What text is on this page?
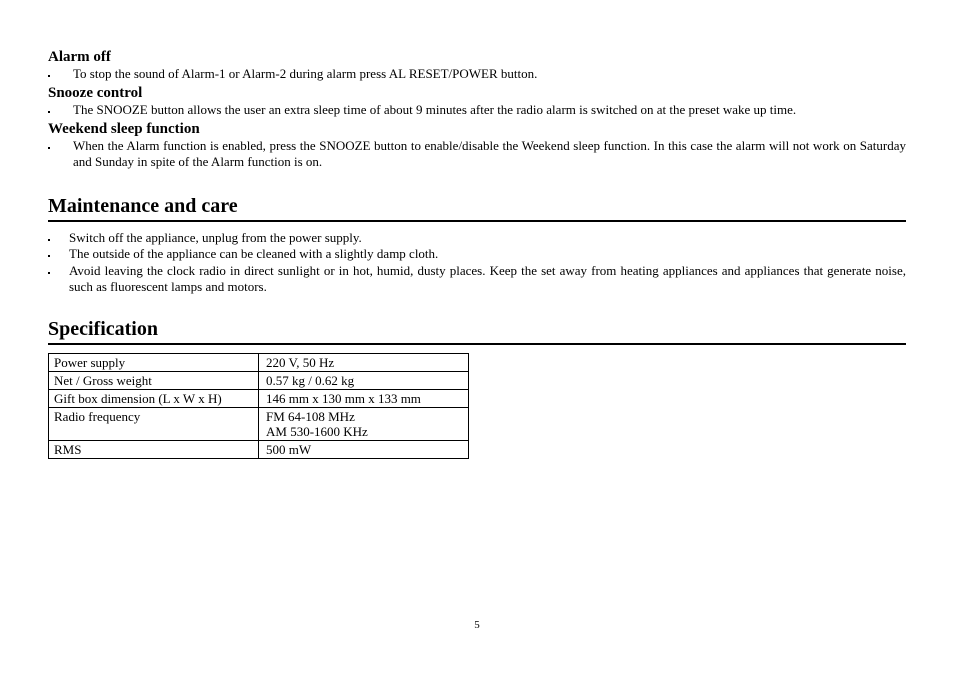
Alarm off
To stop the sound of Alarm-1 or Alarm-2 during alarm press AL RESET/POWER button.
Snooze control
The SNOOZE button allows the user an extra sleep time of about 9 minutes after the radio alarm is switched on at the preset wake up time.
Weekend sleep function
When the Alarm function is enabled, press the SNOOZE button to enable/disable the Weekend sleep function. In this case the alarm will not work on Saturday and Sunday in spite of the Alarm function is on.
Maintenance and care
Switch off the appliance, unplug from the power supply.
The outside of the appliance can be cleaned with a slightly damp cloth.
Avoid leaving the clock radio in direct sunlight or in hot, humid, dusty places. Keep the set away from heating appliances and appliances that generate noise, such as fluorescent lamps and motors.
Specification
Power supply	220 V, 50 Hz
Net / Gross weight	0.57 kg / 0.62 kg
Gift box dimension (L x W x H)	146 mm x 130 mm x 133 mm
Radio frequency	FM 64-108 MHz
AM 530-1600 KHz

RMS	500 mW
5
